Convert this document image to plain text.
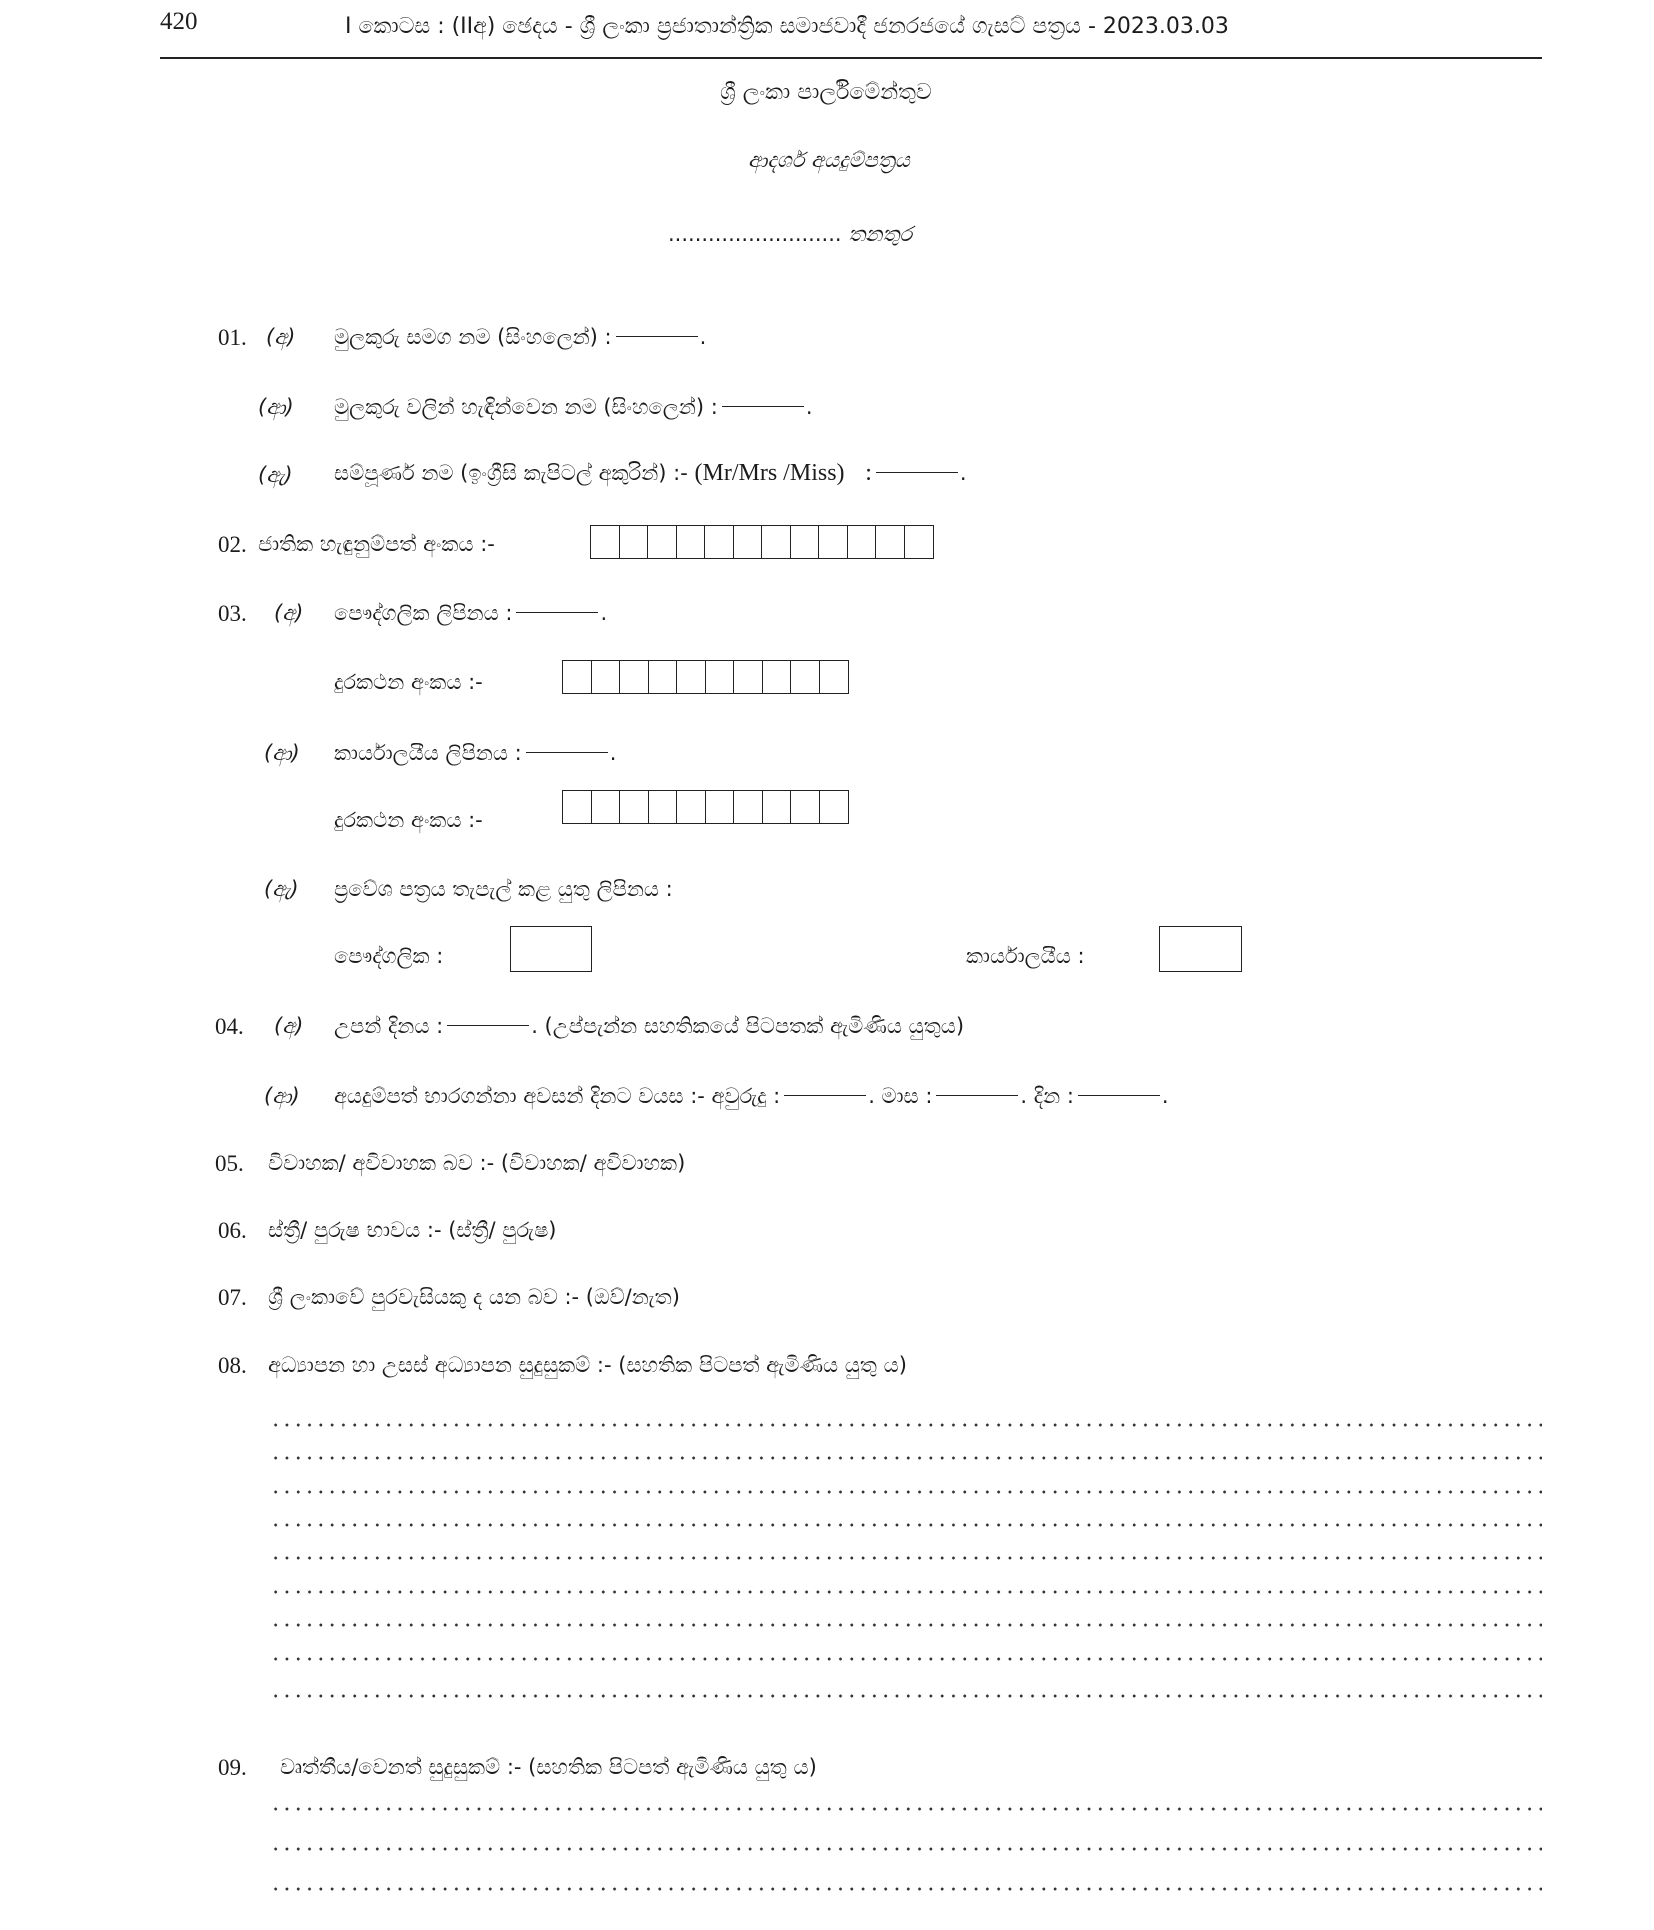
420	I කොටස : (IIඅ) ඡෙදය - ශ්‍රී ලංකා ප්‍රජාතාන්ත්‍රික සමාජවාදී ජනරජයේ ගැසට් පත්‍රය - 2023.03.03
ශ්‍රී ලංකා පාර්ලිමේන්තුව
ආදර්ශ අයදුම්පත්‍රය
.......................... තනතුර
01. (අ) මුලකුරු සමග නම (සිංහලෙන්) :	.
(ආ) මුලකුරු වලින් හැඳින්වෙන නම (සිංහලෙන්) :	.
(ඇ) සම්පූර්ණ නම (ඉංග්‍රීසි කැපිටල් අකුරින්) :- (Mr/Mrs /Miss) :	.
02. ජාතික හැඳුනුම්පත් අංකය :-
03. (අ) පෞද්ගලික ලිපිනය :	.
දුරකථන අංකය :-
(ආ) කාර්යාලයීය ලිපිනය :	.
දුරකථන අංකය :-
(ඇ) ප්‍රවේශ පත්‍රය තැපැල් කළ යුතු ලිපිනය :
පෞද්ගලික :	කාර්යාලයීය :
04. (අ) උපන් දිනය :	. (උප්පැන්න සහතිකයේ පිටපතක් ඇමිණිය යුතුය)
(ආ) අයදුම්පත් භාරගන්නා අවසන් දිනට වයස :- අවුරුදු :	. මාස :	. දින :	.
05. විවාහක/ අවිවාහක බව :- (විවාහක/ අවිවාහක)
06. ස්ත්‍රී/ පුරුෂ භාවය :- (ස්ත්‍රී/ පුරුෂ)
07. ශ්‍රී ලංකාවේ පුරවැසියකු ද යන බව :- (ඔව්/නැත)
08. අධ්‍යාපන හා උසස් අධ්‍යාපන සුදුසුකම් :- (සහතික පිටපත් ඇමිණිය යුතු ය)
09. වෘත්තීය/වෙනත් සුදුසුකම් :- (සහතික පිටපත් ඇමිණිය යුතු ය)
